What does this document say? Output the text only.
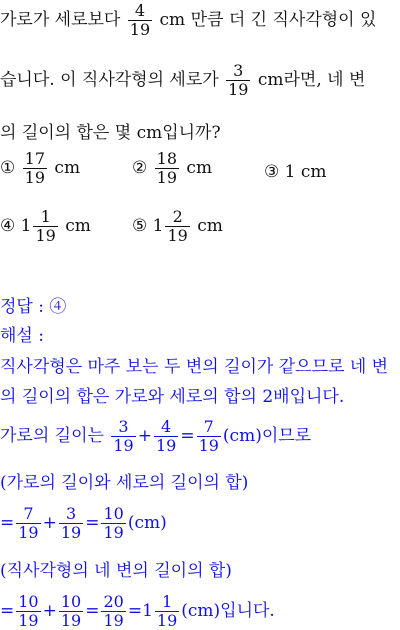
가로가 세로보다 $\frac{4}{19}$ cm 만큼 더 긴 직사각형이 있
습니다. 이 직사각형의 세로가 $\frac{3}{19}$ cm라면, 네 변
의 길이의 합은 몇 cm입니까?
① $\frac{17}{19}$ cm	② $\frac{18}{19}$ cm	③ 1 cm
④ $1 \frac{1}{19}$ cm ⑤ $1 \frac{2}{19}$ cm
정답 : ④
해설 :
직사각형은 마주 보는 두 변의 길이가 같으므로 네 변
의 길이의 합은 가로와 세로의 합의 2배입니다.
가로의 길이는 $\frac{3}{19} + \frac{4}{19} = \frac{7}{19} (cm)$이므로
(가로의 길이와 세로의 길이의 합)
= $\frac{7}{19} + \frac{3}{19} = \frac{10}{19} (cm)$
(직사각형의 네 변의 길이의 합)
= $\frac{10}{19} + \frac{10}{19} = \frac{20}{19} =1 \frac{1}{19} (cm)$입니다.
